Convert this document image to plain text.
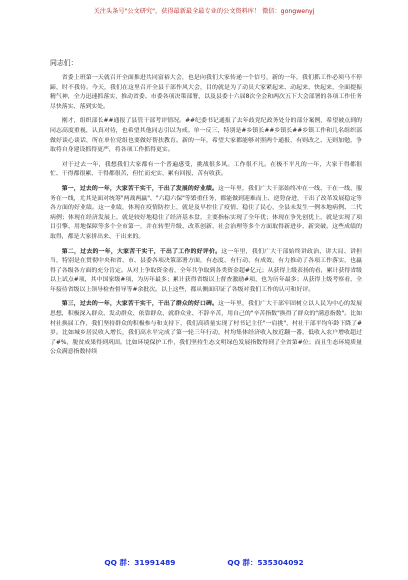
关注头条号"公文研究"，获得最新最全最专业的公文资料库！ 微信：gongwenyj
同志们：

省委上班第一天就召开全面推进共同富裕大会，也是向我们大家传递一个信号，新的一年，我们抓工作必须马不停蹄，时不我待。今天，我们在这里召开全县干部作风大会，目的就是为了动员大家紧起来、动起来、快起来，全面提振精气神，全力迅速抓落实，推动省委、市委各项决策部署，以及县委十六届8次全会和两次五下大会部署的各项工作任务尽快落实、落到实处。

刚才，组织部长##通报了县管干部考评情况。##纪委书记通报了去年歧党纪政务处分的部分案例，希望被点到的同志高度重视，认真对待，也希望其他同志引以为戒。单一反三，特别是#乡镇长##乡镇长##乡镇工作和几名组织部做好谈心谈话，所在单位党组也要做好帮扶教育。新的一年，希望大家都能够对照两个通报，有则改之、无则加勉，争取将自身建设抓得更严，将各项工作抓得更实。

对于过去一年，我想我们大家都有一个普遍感受，挑战很多风。工作很不凡。在极不平凡的一年，大家干得都很忙、干得都很累、干得都很苦，但忙而充实、累有回报、苦有收获。

第一，过去的一年，大家苦干实干，干出了发展的好业绩。这一年里，我们广大干部始终冲在一线、干在一线、服务在一线，尤其是面对统筹"两战两赢"、"六稳六保"等繁重任务，都能做到迎难而上、逆势奋进，干出了改革发展稳定等各方面的好业绩。这一业绩，体现在疫情防控上，就是及早控住了疫情、稳住了民心，全县未发生一例本地病例、二代病例；体现在经济发展上，就是较好地稳住了经济基本盘，主要指标实现了全年优；体现在争先创优上，就是实现了项目引擎、用地保障等多个全市第一，并在转型升级、改革创新、社会治理等多个方面取得新进步、新突破。这些成绩的取得，都是大家拼出来、干出来的。

第二，过去的一年，大家苦干实干，干出了工作的好评价。这一年里，我们广大干部始终讲政治、讲大局、讲担当，特别是在贯彻中央和省、市、县委各项决策部署方面，有态度、有行动、有成效，有力推动了各项工作落实，也赢得了各级各方面的充分肯定。从对上争取资金看，全年共争取到各类资金超#亿元；从获得上级表扬的看，累计获得省级以上试点#项，其中国家级#项，为历年最多；累计获得省级以上督查激励#项，也为历年最多；从获得上级考察看，全年接待省级以上领导检查督导等#余批次。以上这些，都从侧面印证了各级对我们工作的认可和好评。

第三，过去的一年，大家苦干实干，干出了群众的好口碑。这一年里，我们广大干部牢固树立以人民为中心的发展思想，积极深入群众、发动群众、依靠群众、就群众业、不辞辛苦，用自己的"辛苦指数"换得了群众的"满意指数"。比如村社换届工作，我们坚持群众的积极参与和支持下，我们高质量实现了村书记主任"一肩挑"，村社干部平均年龄下降了#岁。比如城乡居民收入增长，我们高水平完成了第一轮三年行动，村均集体经济收入按近翻一番，低收入农户增收超过了#%，脱贫成果得到巩固。比如环境保护工作，我们坚持生态文明绿色发展指数得到了全省第#位；而且生态环境质量公众满意指数持续

QQ 群：31991489	QQ 群：535304092
